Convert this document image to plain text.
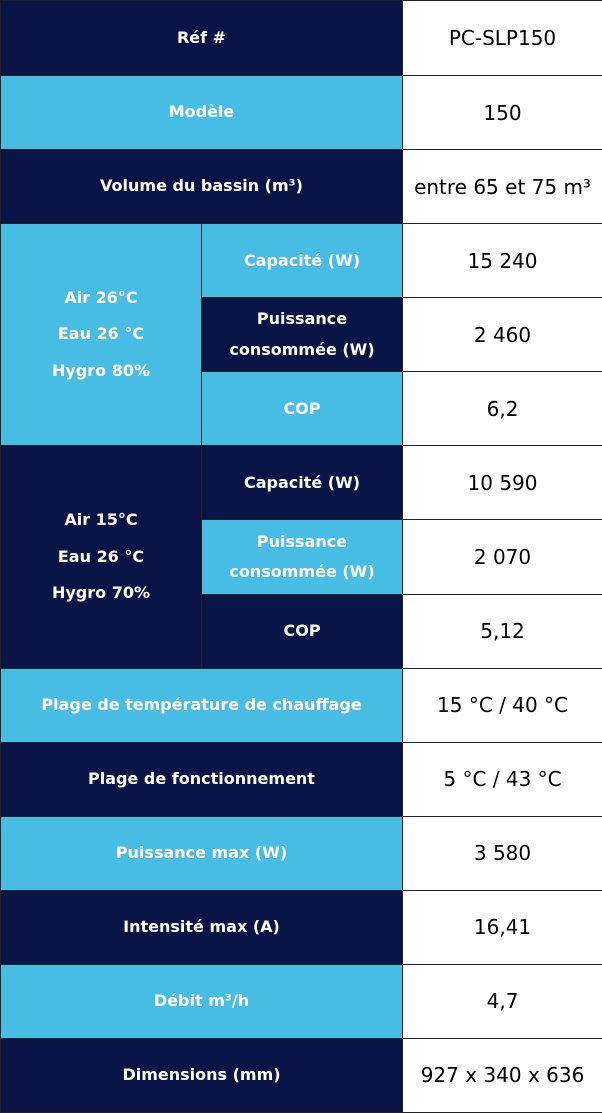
Réf #		PC-SLP150
Modèle		150
Volume du bassin (m³)		entre 65 et 75 m³

Air 26°C
Eau 26 °C
Hygro 80%	Capacité (W)	15 240

	Puissance
consommée (W)	2 460
	COP	6,2

Air 15°C
Eau 26 °C
Hygro 70%	Capacité (W)	10 590

	Puissance
consommée (W)	2 070
	COP	5,12
Plage de température de chauffage		15 °C / 40 °C
Plage de fonctionnement		5 °C / 43 °C
Puissance max (W)		3 580
Intensité max (A)		16,41
Débit m³/h		4,7
Dimensions (mm)		927 x 340 x 636
